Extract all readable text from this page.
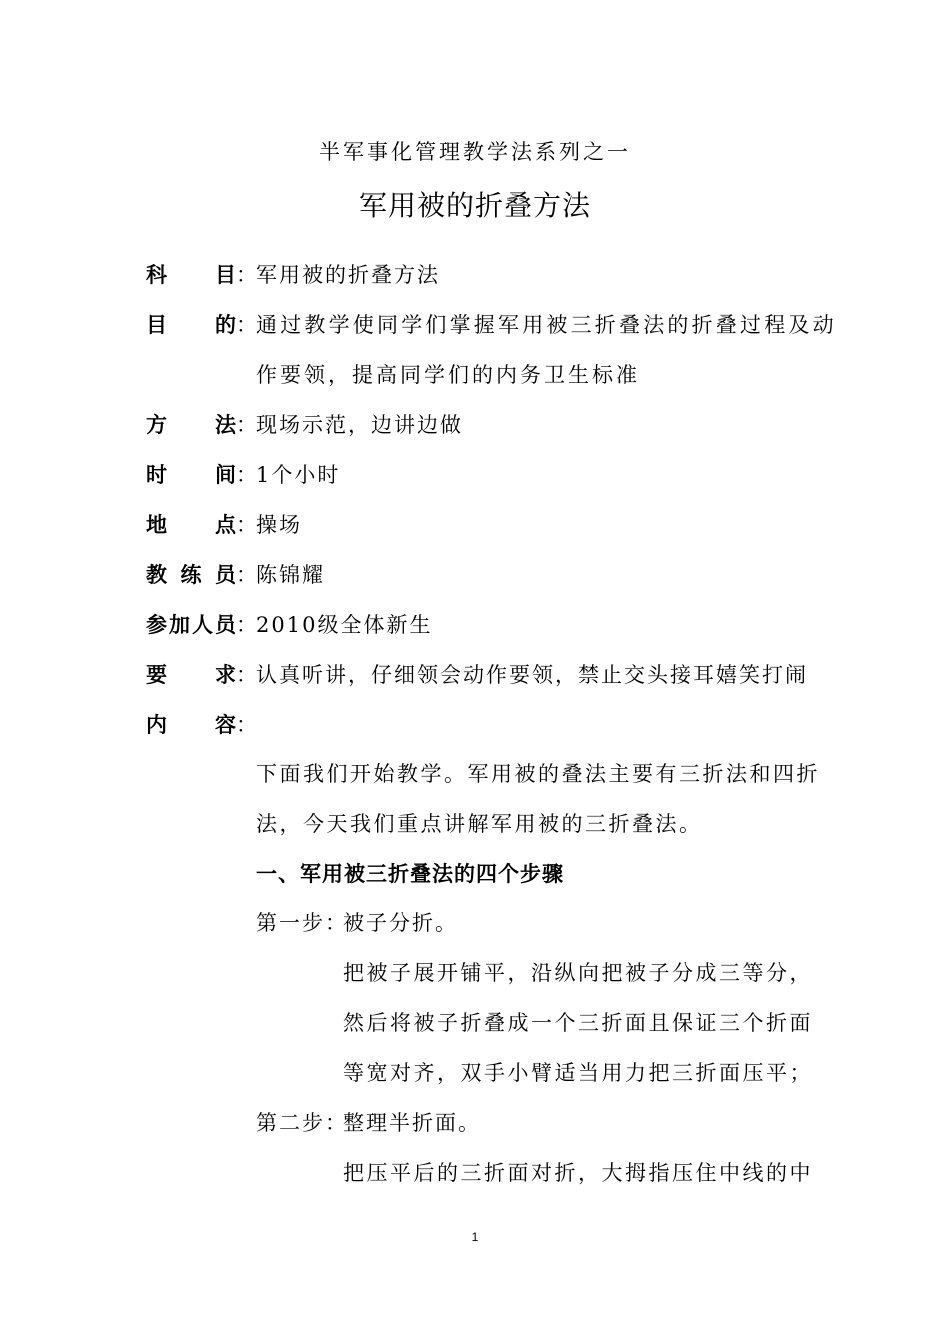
半军事化管理教学法系列之一
军用被的折叠方法
科 目 ： 军用被的折叠方法
目 的 ： 通过教学使同学们掌握军用被三折叠法的折叠过程及动
作要领，提高同学们的内务卫生标准
方 法 ： 现场示范，边讲边做
时 间 ： 1个小时
地 点 ： 操场
教 练 员 ： 陈锦耀
参 加 人 员 ： 2010级全体新生
要 求 ： 认真听讲，仔细领会动作要领，禁止交头接耳嬉笑打闹
内 容 ：
下面我们开始教学。军用被的叠法主要有三折法和四折
法，今天我们重点讲解军用被的三折叠法。
一、军用被三折叠法的四个步骤
第一步：
被子分折。
把被子展开铺平，沿纵向把被子分成三等分，
然后将被子折叠成一个三折面且保证三个折面
等宽对齐，双手小臂适当用力把三折面压平；
第二步：
整理半折面。
把压平后的三折面对折，大拇指压住中线的中
1
